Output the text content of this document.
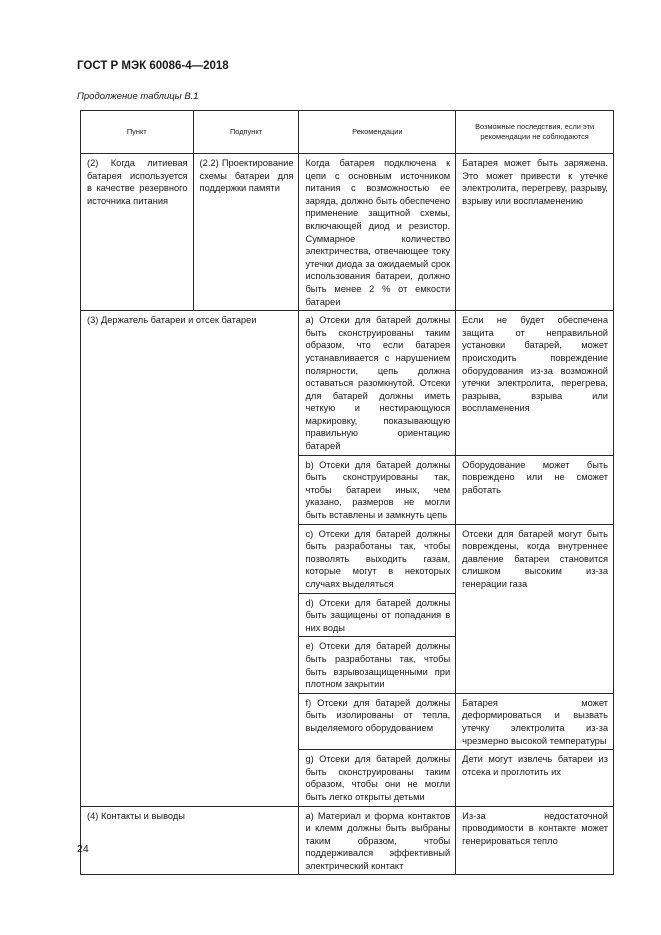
ГОСТ Р МЭК 60086-4—2018
Продолжение таблицы В.1
Пункт	Подпункт	Рекомендации	Возможные последствия, если эти рекомендации не соблюдаются
(2) Когда литиевая батарея используется в качестве резервного источника питания	(2.2) Проектирование схемы батареи для поддержки памяти	Когда батарея подключена к цепи с основным источником питания с возможностью ее заряда, должно быть обеспечено применение защитной схемы, включающей диод и резистор. Суммарное количество электричества, отвечающее току утечки диода за ожидаемый срок использования батареи, должно быть менее 2 % от емкости батареи	Батарея может быть заряжена. Это может привести к утечке электролита, перегреву, разрыву, взрыву или воспламенению
(3) Держатель батареи и отсек батареи		a) Отсеки для батарей должны быть сконструированы таким образом, что если батарея устанавливается с нарушением полярности, цепь должна оставаться разомкнутой. Отсеки для батарей должны иметь четкую и нестирающуюся маркировку, показывающую правильную ориентацию батарей	Если не будет обеспечена защита от неправильной установки батарей, может происходить повреждение оборудования из-за возможной утечки электролита, перегрева, разрыва, взрыва или воспламенения
		b) Отсеки для батарей должны быть сконструированы так, чтобы батареи иных, чем указано, размеров не могли быть вставлены и замкнуть цепь	Оборудование может быть повреждено или не сможет работать
		c) Отсеки для батарей должны быть разработаны так, чтобы позволять выходить газам, которые могут в некоторых случаях выделяться	Отсеки для батарей могут быть повреждены, когда внутреннее давление батареи становится слишком высоким из-за генерации газа
		d) Отсеки для батарей должны быть защищены от попадания в них воды	
		e) Отсеки для батарей должны быть разработаны так, чтобы быть взрывозащищенными при плотном закрытии	
		f) Отсеки для батарей должны быть изолированы от тепла, выделяемого оборудованием	Батарея может деформироваться и вызвать утечку электролита из-за чрезмерно высокой температуры
		g) Отсеки для батарей должны быть сконструированы таким образом, чтобы они не могли быть легко открыты детьми	Дети могут извлечь батареи из отсека и проглотить их
(4) Контакты и выводы		a) Материал и форма контактов и клемм должны быть выбраны таким образом, чтобы поддерживался эффективный электрический контакт	Из-за недостаточной проводимости в контакте может генерироваться тепло
24
